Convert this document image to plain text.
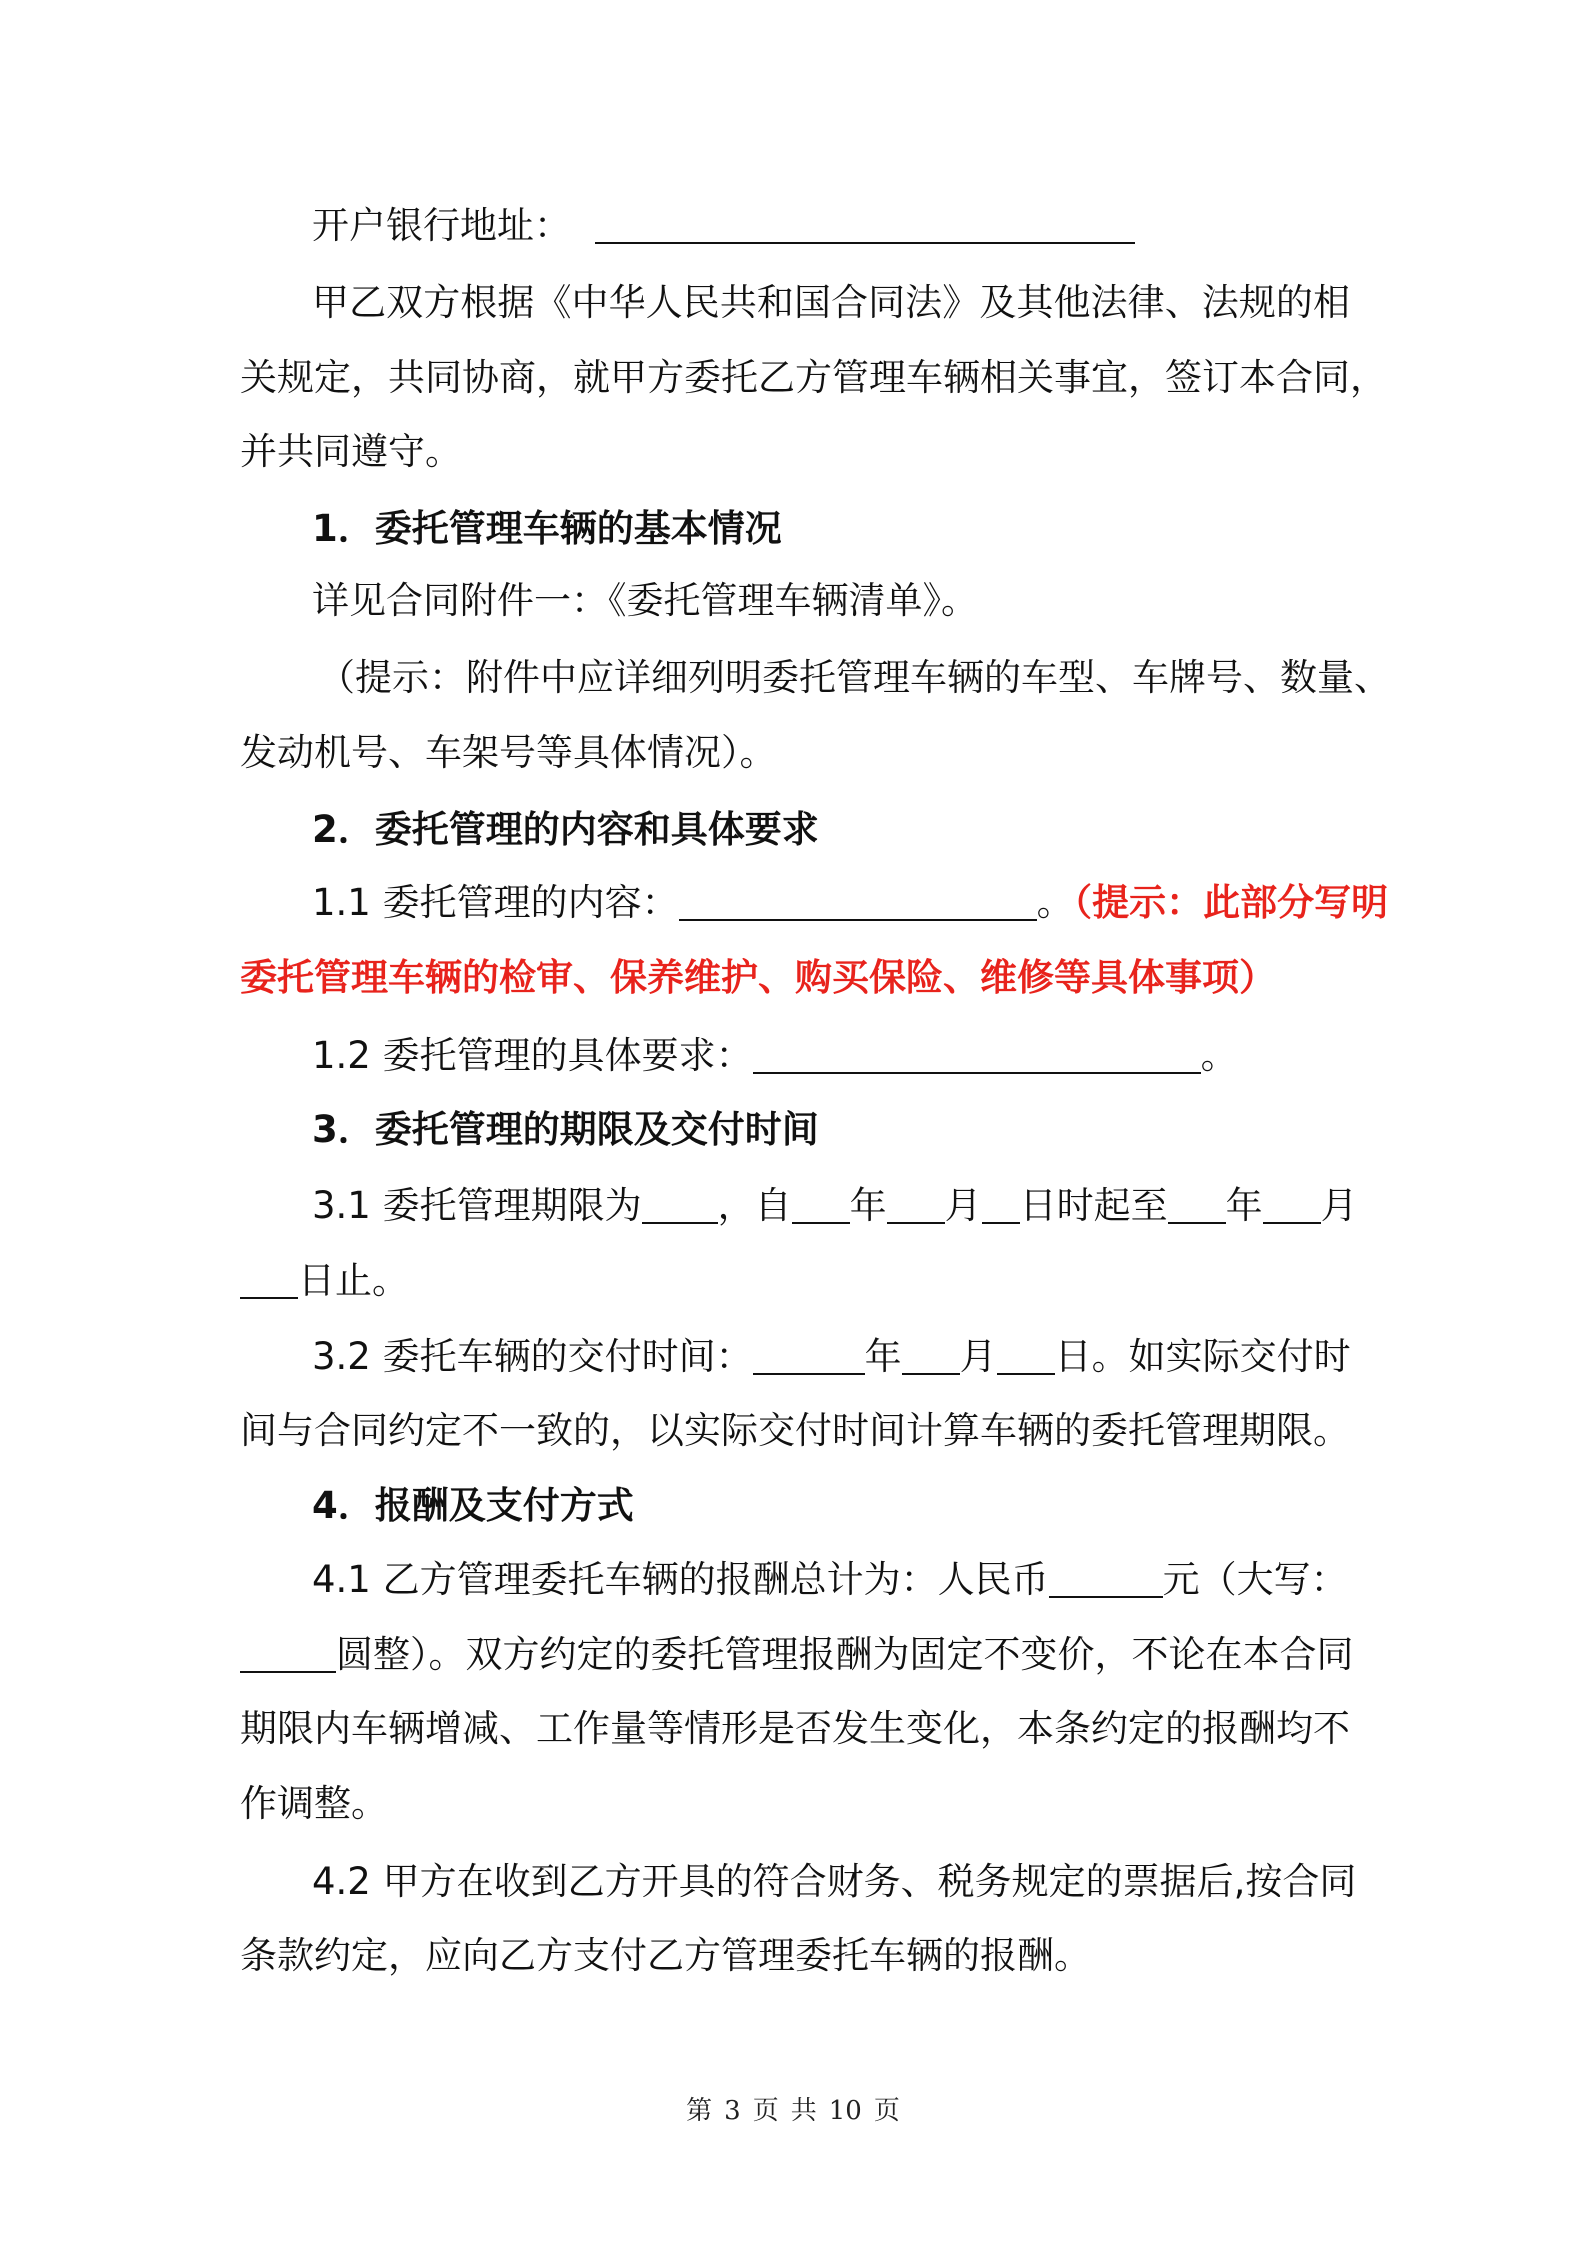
开户银行地址：
甲乙双方根据《中华人民共和国合同法》及其他法律、法规的相
关规定，共同协商，就甲方委托乙方管理车辆相关事宜，签订本合同，
并共同遵守。
1．委托管理车辆的基本情况
详见合同附件一：《委托管理车辆清单》。
（提示：附件中应详细列明委托管理车辆的车型、车牌号、数量、
发动机号、车架号等具体情况）。
2．委托管理的内容和具体要求
1.1 委托管理的内容：	。（提示：此部分写明
委托管理车辆的检审、保养维护、购买保险、维修等具体事项）
1.2 委托管理的具体要求：	。
3．委托管理的期限及交付时间
3.1 委托管理期限为 ，自 年 月 日时起至 年 月
日止。
3.2 委托车辆的交付时间：	年 月 日。如实际交付时
间与合同约定不一致的，以实际交付时间计算车辆的委托管理期限。
4．报酬及支付方式
4.1 乙方管理委托车辆的报酬总计为：人民币	元（大写：
圆整）。双方约定的委托管理报酬为固定不变价，不论在本合同
期限内车辆增减、工作量等情形是否发生变化，本条约定的报酬均不
作调整。
4.2 甲方在收到乙方开具的符合财务、税务规定的票据后,按合同
条款约定，应向乙方支付乙方管理委托车辆的报酬。
第 3 页 共 10 页
